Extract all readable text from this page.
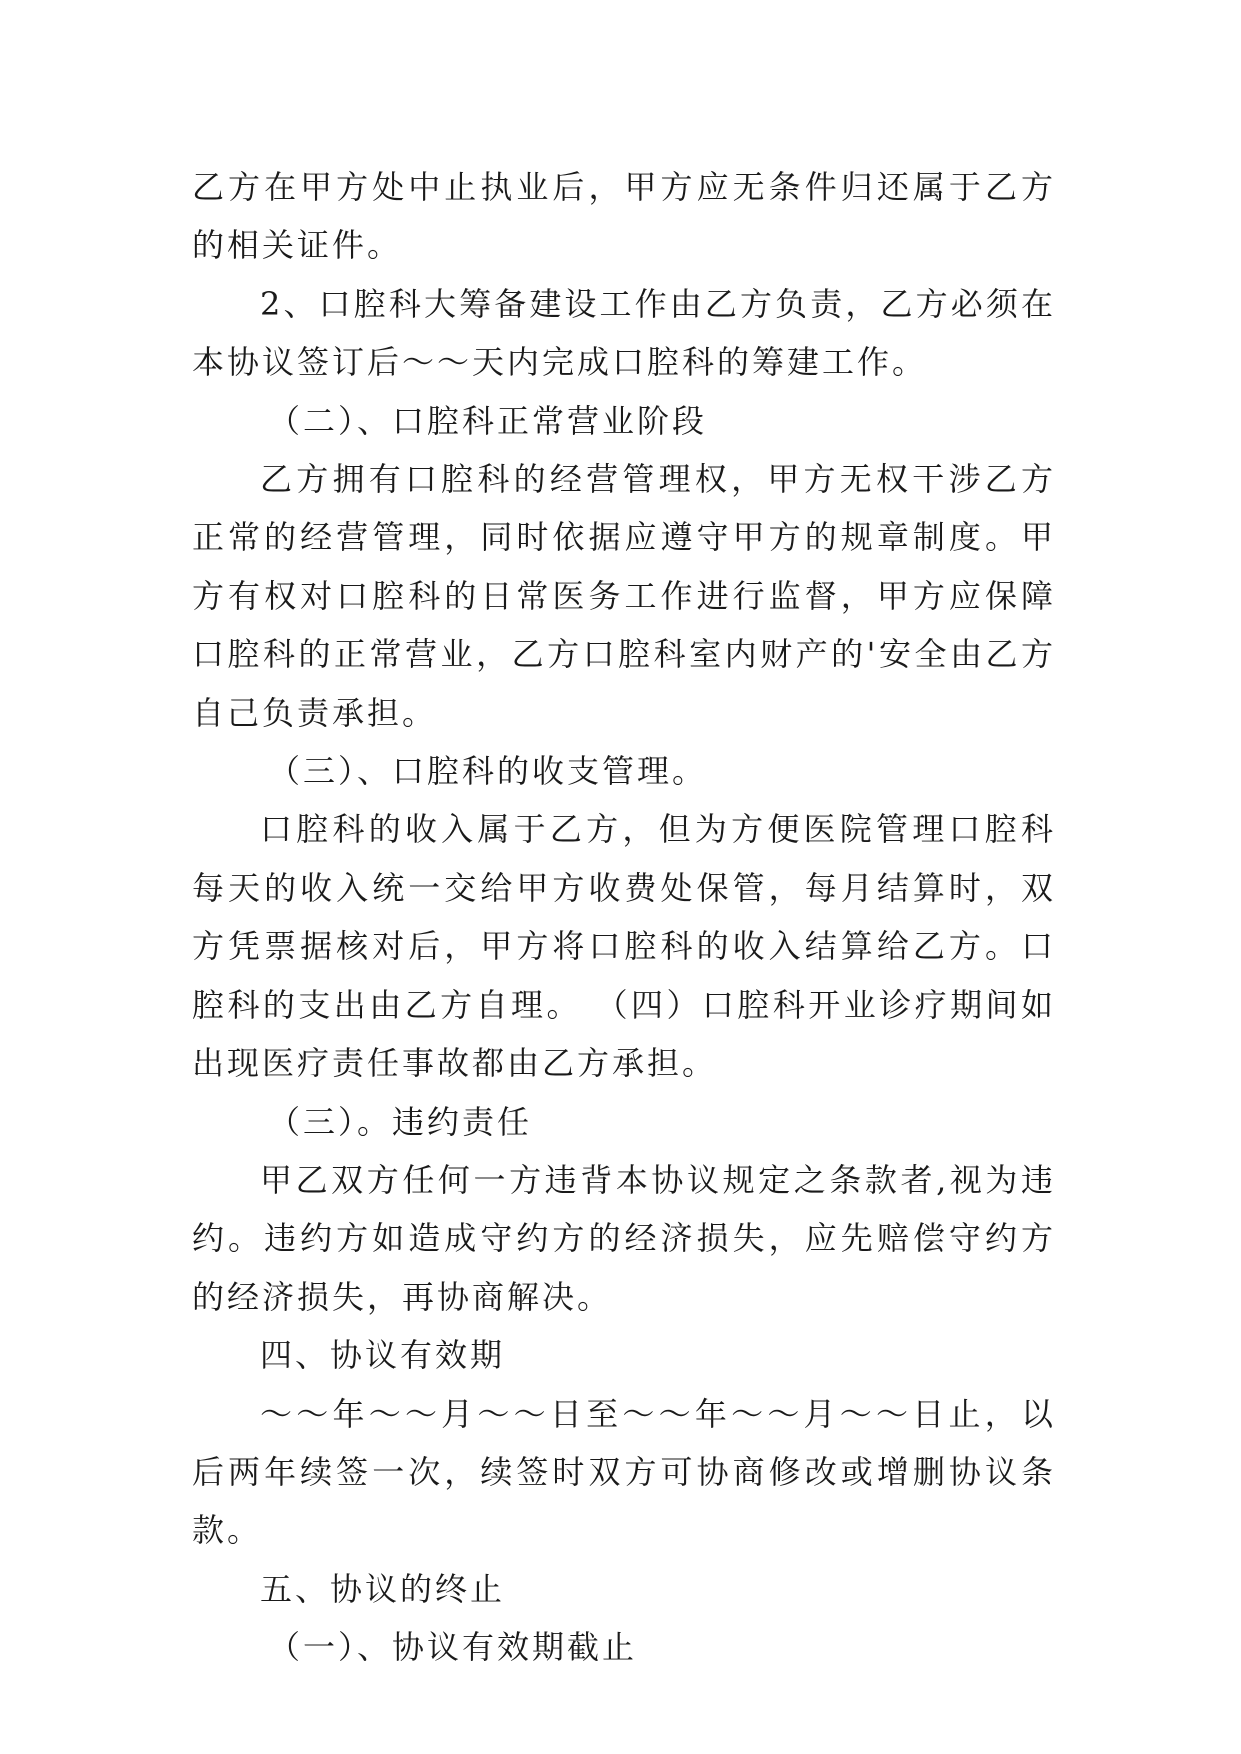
乙方在甲方处中止执业后，甲方应无条件归还属于乙方的相关证件。

2、口腔科大筹备建设工作由乙方负责，乙方必须在本协议签订后～～天内完成口腔科的筹建工作。

（二）、口腔科正常营业阶段

乙方拥有口腔科的经营管理权，甲方无权干涉乙方正常的经营管理，同时依据应遵守甲方的规章制度。甲方有权对口腔科的日常医务工作进行监督，甲方应保障口腔科的正常营业，乙方口腔科室内财产的'安全由乙方自己负责承担。

（三）、口腔科的收支管理。

口腔科的收入属于乙方，但为方便医院管理口腔科每天的收入统一交给甲方收费处保管，每月结算时，双方凭票据核对后，甲方将口腔科的收入结算给乙方。口腔科的支出由乙方自理。 （四）口腔科开业诊疗期间如出现医疗责任事故都由乙方承担。

（三）。违约责任

甲乙双方任何一方违背本协议规定之条款者,视为违约。违约方如造成守约方的经济损失，应先赔偿守约方的经济损失，再协商解决。

四、协议有效期

～～年～～月～～日至～～年～～月～～日止，以后两年续签一次，续签时双方可协商修改或增删协议条款。

五、协议的终止

（一）、协议有效期截止
